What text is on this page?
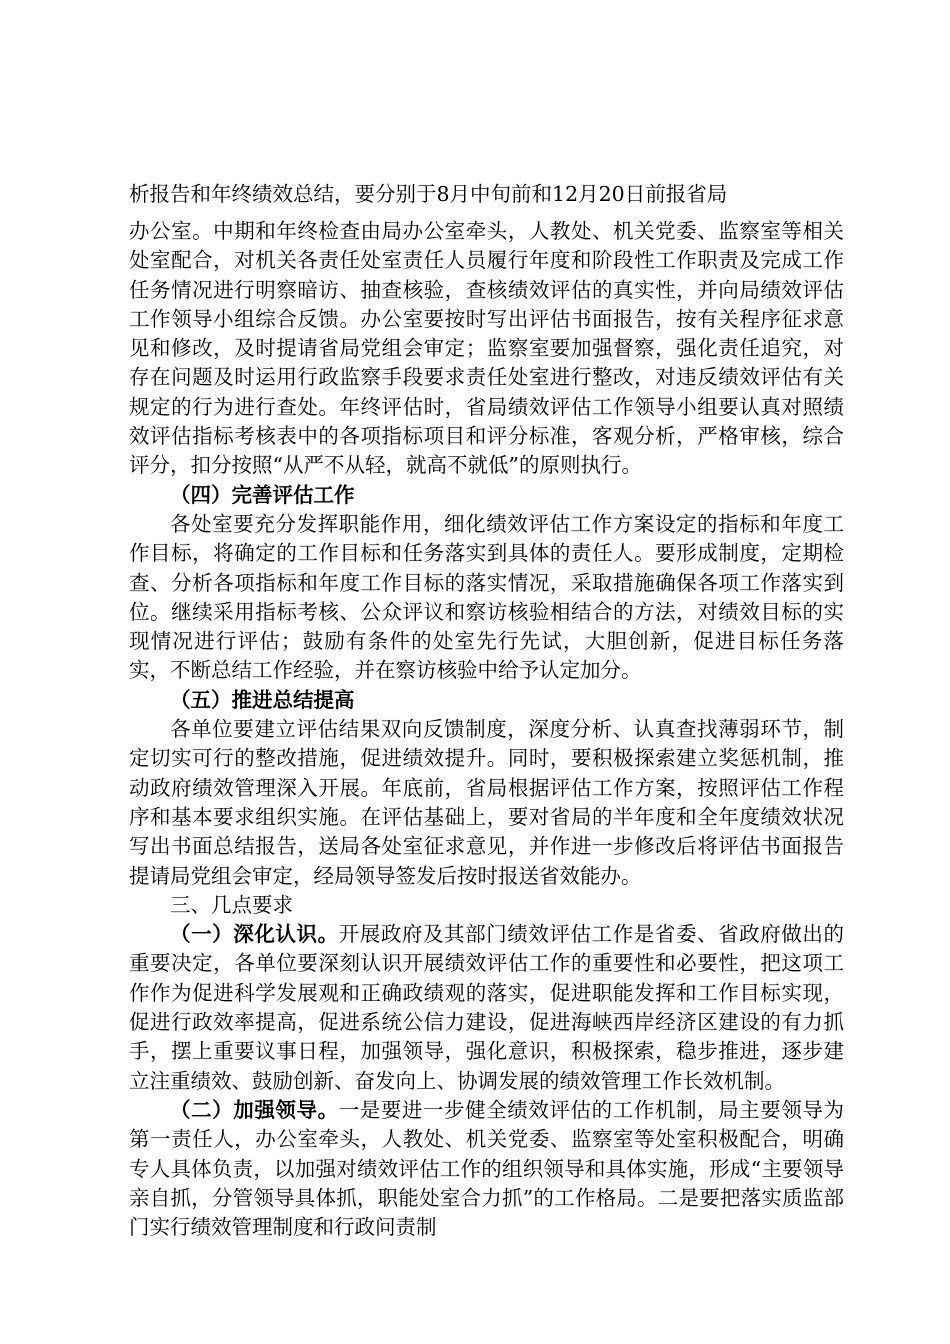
析报告和年终绩效总结，要分别于8月中旬前和12月20日前报省局

办公室。中期和年终检查由局办公室牵头，人教处、机关党委、监察室等相关处室配合，对机关各责任处室责任人员履行年度和阶段性工作职责及完成工作任务情况进行明察暗访、抽查核验，查核绩效评估的真实性，并向局绩效评估工作领导小组综合反馈。办公室要按时写出评估书面报告，按有关程序征求意见和修改，及时提请省局党组会审定；监察室要加强督察，强化责任追究，对存在问题及时运用行政监察手段要求责任处室进行整改，对违反绩效评估有关规定的行为进行查处。年终评估时，省局绩效评估工作领导小组要认真对照绩效评估指标考核表中的各项指标项目和评分标准，客观分析，严格审核，综合评分，扣分按照“从严不从轻，就高不就低”的原则执行。

（四）完善评估工作

各处室要充分发挥职能作用，细化绩效评估工作方案设定的指标和年度工作目标，将确定的工作目标和任务落实到具体的责任人。要形成制度，定期检查、分析各项指标和年度工作目标的落实情况，采取措施确保各项工作落实到位。继续采用指标考核、公众评议和察访核验相结合的方法，对绩效目标的实现情况进行评估；鼓励有条件的处室先行先试，大胆创新，促进目标任务落实，不断总结工作经验，并在察访核验中给予认定加分。

（五）推进总结提高

各单位要建立评估结果双向反馈制度，深度分析、认真查找薄弱环节，制定切实可行的整改措施，促进绩效提升。同时，要积极探索建立奖惩机制，推动政府绩效管理深入开展。年底前，省局根据评估工作方案，按照评估工作程序和基本要求组织实施。在评估基础上，要对省局的半年度和全年度绩效状况写出书面总结报告，送局各处室征求意见，并作进一步修改后将评估书面报告提请局党组会审定，经局领导签发后按时报送省效能办。

三、几点要求

（一）深化认识。开展政府及其部门绩效评估工作是省委、省政府做出的重要决定，各单位要深刻认识开展绩效评估工作的重要性和必要性，把这项工作作为促进科学发展观和正确政绩观的落实，促进职能发挥和工作目标实现，促进行政效率提高，促进系统公信力建设，促进海峡西岸经济区建设的有力抓手，摆上重要议事日程，加强领导，强化意识，积极探索，稳步推进，逐步建立注重绩效、鼓励创新、奋发向上、协调发展的绩效管理工作长效机制。

（二）加强领导。一是要进一步健全绩效评估的工作机制，局主要领导为第一责任人，办公室牵头，人教处、机关党委、监察室等处室积极配合，明确专人具体负责，以加强对绩效评估工作的组织领导和具体实施，形成“主要领导亲自抓，分管领导具体抓，职能处室合力抓”的工作格局。二是要把落实质监部门实行绩效管理制度和行政问责制
